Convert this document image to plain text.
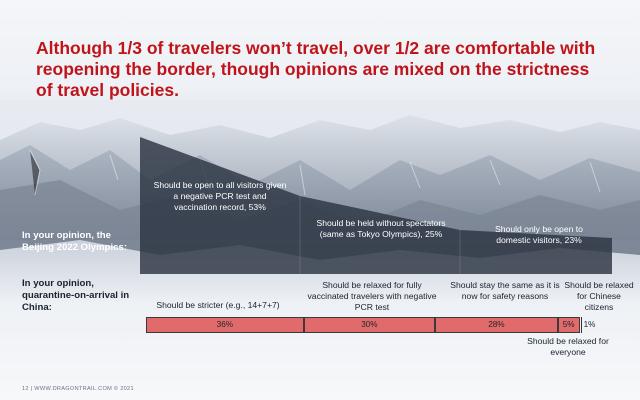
Although 1/3 of travelers won’t travel, over 1/2 are comfortable with reopening the border, though opinions are mixed on the strictness of travel policies.
In your opinion, the Beijing 2022 Olympics:
Should be open to all visitors given a negative PCR test and vaccination record, 53%
Should be held without spectators (same as Tokyo Olympics), 25%	Should only be open to domestic visitors, 23%
In your opinion, quarantine-on-arrival in China:	Should be stricter (e.g., 14+7+7)
Should be relaxed for fully vaccinated travelers with negative PCR test
Should stay the same as it is now for safety reasons
Should be relaxed for Chinese citizens
Should be relaxed for everyone
36%	30%	28%	5%	1%
12 | WWW.DRAGONTRAIL.COM © 2021
